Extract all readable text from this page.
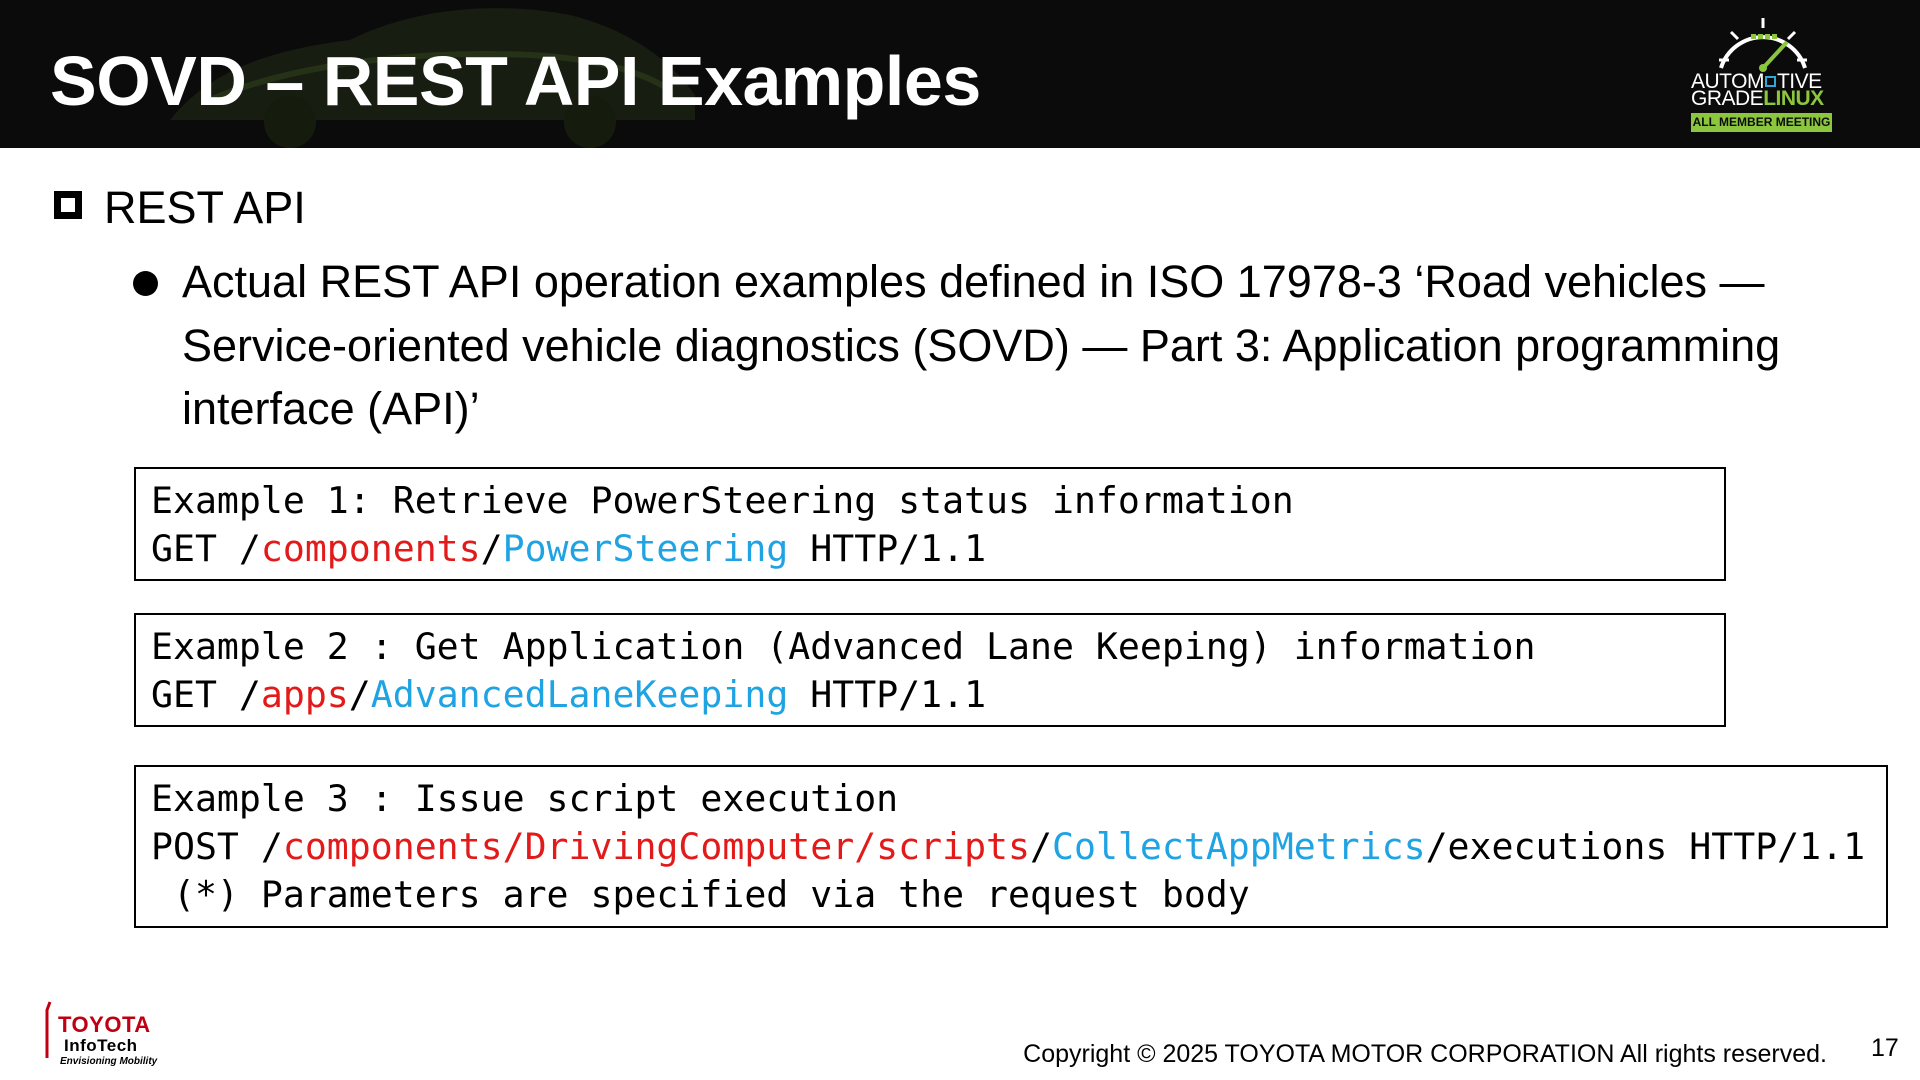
SOVD – REST API Examples	AUTOM TIVE
GRADELINUX
ALL MEMBER MEETING
REST API
Actual REST API operation examples defined in ISO 17978-3 ‘Road vehicles — Service-oriented vehicle diagnostics (SOVD) — Part 3: Application programming interface (API)’
Example 1: Retrieve PowerSteering status information
GET /components/PowerSteering HTTP/1.1
Example 2 : Get Application (Advanced Lane Keeping) information
GET /apps/AdvancedLaneKeeping HTTP/1.1
Example 3 : Issue script execution
POST /components/DrivingComputer/scripts/CollectAppMetrics/executions HTTP/1.1
(*) Parameters are specified via the request body
TOYOTA
InfoTech
Envisioning Mobility	Copyright © 2025 TOYOTA MOTOR CORPORATION All rights reserved. 17
